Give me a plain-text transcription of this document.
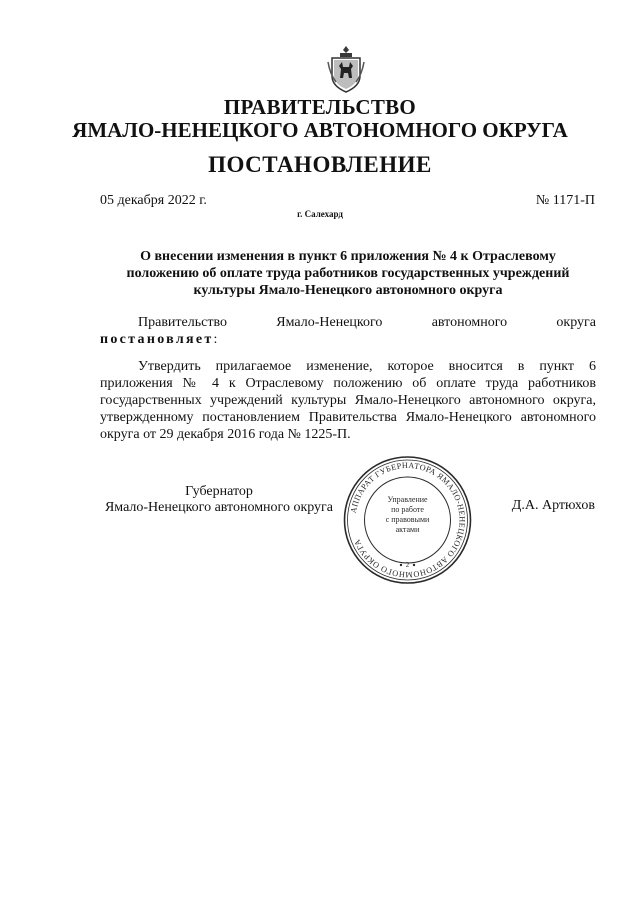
ПРАВИТЕЛЬСТВО
ЯМАЛО-НЕНЕЦКОГО АВТОНОМНОГО ОКРУГА
ПОСТАНОВЛЕНИЕ
05 декабря 2022 г.	№ 1171-П
г. Салехард
О внесении изменения в пункт 6 приложения № 4 к Отраслевому
положению об оплате труда работников государственных учреждений
культуры Ямало-Ненецкого автономного округа
Правительство	Ямало-Ненецкого	автономного	округа
постановляет:
Утвердить прилагаемое изменение, которое вносится в пункт 6
приложения № 4 к Отраслевому положению об оплате труда работников
государственных учреждений культуры Ямало-Ненецкого автономного округа,
утвержденному постановлением Правительства Ямало-Ненецкого автономного
округа от 29 декабря 2016 года № 1225-П.
Губернатор
Ямало-Ненецкого автономного округа	Д.А. Артюхов
АППАРАТ ГУБЕРНАТОРА ЯМАЛО-НЕНЕЦКОГО АВТОНОМНОГО ОКРУГА
Управление
по работе
с правовыми
актами
2
